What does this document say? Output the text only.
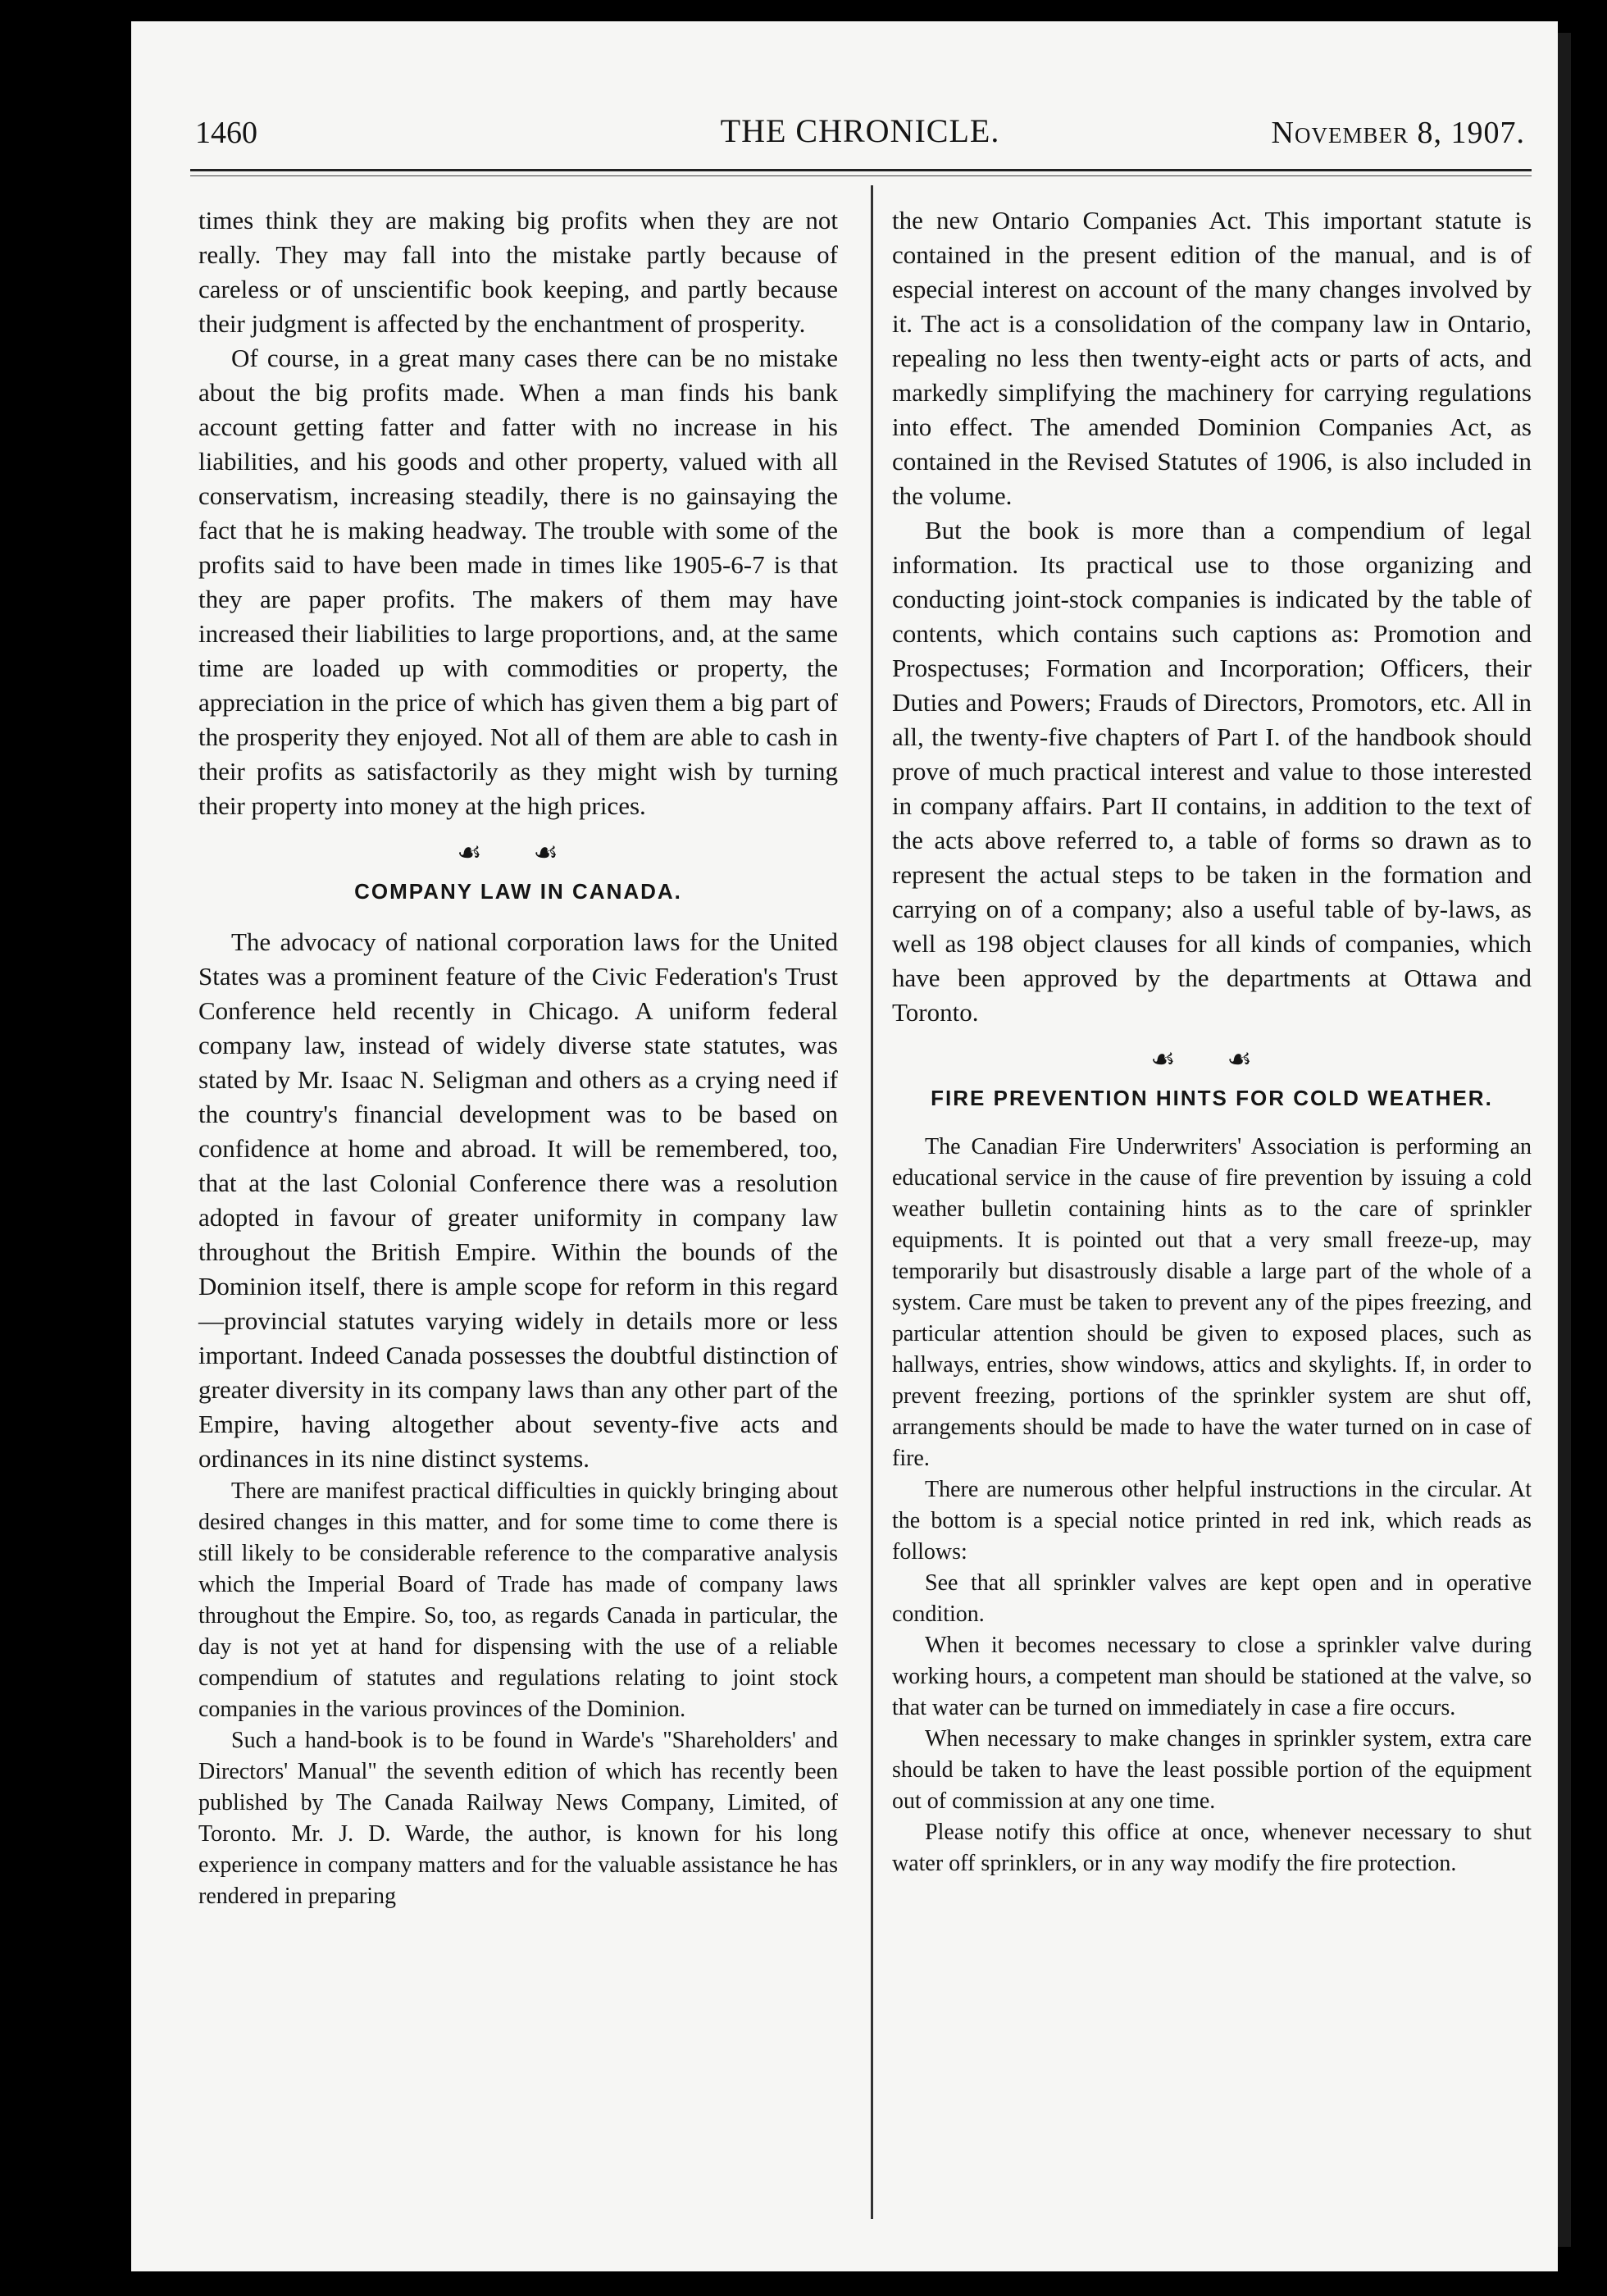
1460	THE CHRONICLE.	November 8, 1907.

times think they are making big profits when they are not really. They may fall into the mistake partly because of careless or of unscientific book keeping, and partly because their judgment is affected by the enchantment of prosperity.

Of course, in a great many cases there can be no mistake about the big profits made. When a man finds his bank account getting fatter and fatter with no increase in his liabilities, and his goods and other property, valued with all conservatism, increasing steadily, there is no gainsaying the fact that he is making headway. The trouble with some of the profits said to have been made in times like 1905-6-7 is that they are paper profits. The makers of them may have increased their liabilities to large proportions, and, at the same time are loaded up with commodities or property, the appreciation in the price of which has given them a big part of the prosperity they enjoyed. Not all of them are able to cash in their profits as satisfactorily as they might wish by turning their property into money at the high prices.

☙ ☙
COMPANY LAW IN CANADA.

The advocacy of national corporation laws for the United States was a prominent feature of the Civic Federation's Trust Conference held recently in Chicago. A uniform federal company law, instead of widely diverse state statutes, was stated by Mr. Isaac N. Seligman and others as a crying need if the country's financial development was to be based on confidence at home and abroad. It will be remembered, too, that at the last Colonial Conference there was a resolution adopted in favour of greater uniformity in company law throughout the British Empire. Within the bounds of the Dominion itself, there is ample scope for reform in this regard—provincial statutes varying widely in details more or less important. Indeed Canada possesses the doubtful distinction of greater diversity in its company laws than any other part of the Empire, having altogether about seventy-five acts and ordinances in its nine distinct systems.

There are manifest practical difficulties in quickly bringing about desired changes in this matter, and for some time to come there is still likely to be considerable reference to the comparative analysis which the Imperial Board of Trade has made of company laws throughout the Empire. So, too, as regards Canada in particular, the day is not yet at hand for dispensing with the use of a reliable compendium of statutes and regulations relating to joint stock companies in the various provinces of the Dominion.

Such a hand-book is to be found in Warde's "Shareholders' and Directors' Manual" the seventh edition of which has recently been published by The Canada Railway News Company, Limited, of Toronto. Mr. J. D. Warde, the author, is known for his long experience in company matters and for the valuable assistance he has rendered in preparing

the new Ontario Companies Act. This important statute is contained in the present edition of the manual, and is of especial interest on account of the many changes involved by it. The act is a consolidation of the company law in Ontario, repealing no less then twenty-eight acts or parts of acts, and markedly simplifying the machinery for carrying regulations into effect. The amended Dominion Companies Act, as contained in the Revised Statutes of 1906, is also included in the volume.

But the book is more than a compendium of legal information. Its practical use to those organizing and conducting joint-stock companies is indicated by the table of contents, which contains such captions as: Promotion and Prospectuses; Formation and Incorporation; Officers, their Duties and Powers; Frauds of Directors, Promotors, etc. All in all, the twenty-five chapters of Part I. of the handbook should prove of much practical interest and value to those interested in company affairs. Part II contains, in addition to the text of the acts above referred to, a table of forms so drawn as to represent the actual steps to be taken in the formation and carrying on of a company; also a useful table of by-laws, as well as 198 object clauses for all kinds of companies, which have been approved by the departments at Ottawa and Toronto.

☙ ☙
FIRE PREVENTION HINTS FOR COLD WEATHER.

The Canadian Fire Underwriters' Association is performing an educational service in the cause of fire prevention by issuing a cold weather bulletin containing hints as to the care of sprinkler equipments. It is pointed out that a very small freeze-up, may temporarily but disastrously disable a large part of the whole of a system. Care must be taken to prevent any of the pipes freezing, and particular attention should be given to exposed places, such as hallways, entries, show windows, attics and skylights. If, in order to prevent freezing, portions of the sprinkler system are shut off, arrangements should be made to have the water turned on in case of fire.

There are numerous other helpful instructions in the circular. At the bottom is a special notice printed in red ink, which reads as follows:

See that all sprinkler valves are kept open and in operative condition.

When it becomes necessary to close a sprinkler valve during working hours, a competent man should be stationed at the valve, so that water can be turned on immediately in case a fire occurs.

When necessary to make changes in sprinkler system, extra care should be taken to have the least possible portion of the equipment out of commission at any one time.

Please notify this office at once, whenever necessary to shut water off sprinklers, or in any way modify the fire protection.
